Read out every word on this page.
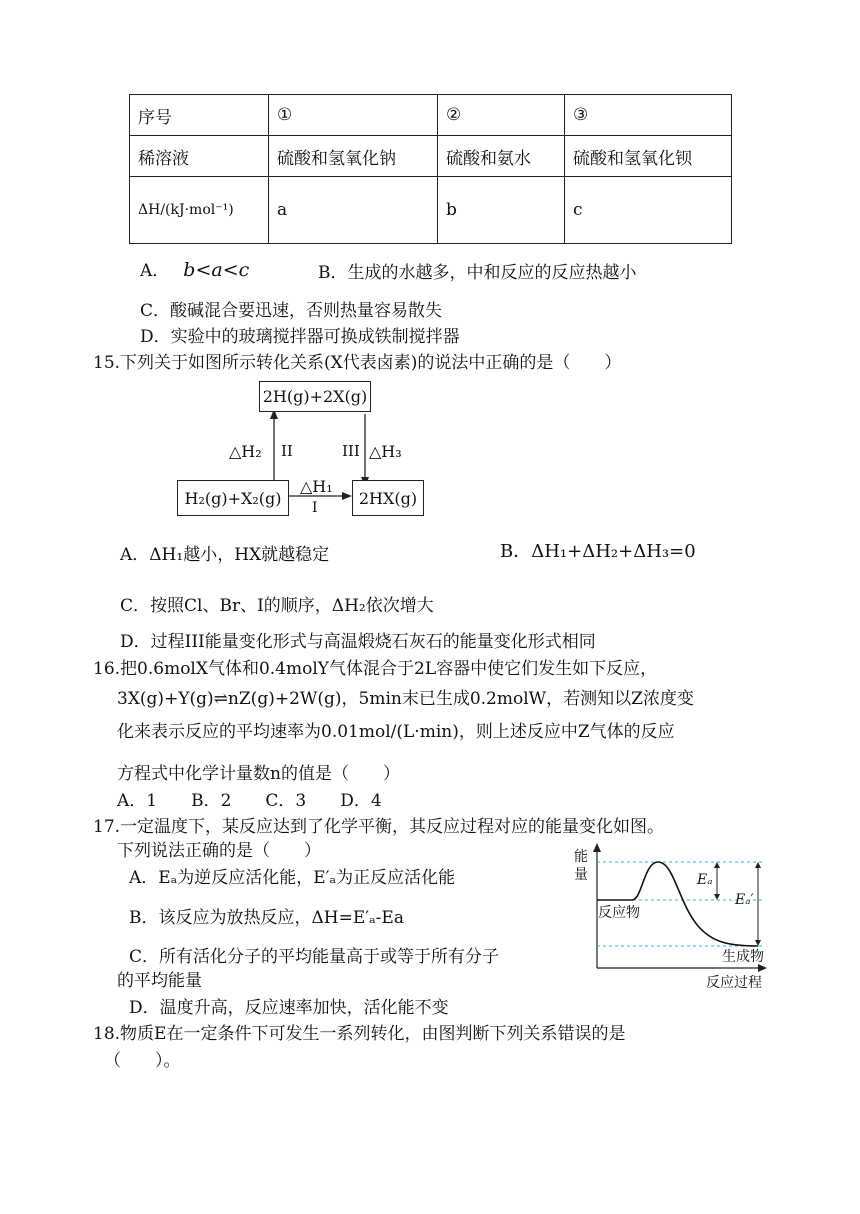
序号	①	②	③
稀溶液	硫酸和氢氧化钠	硫酸和氨水	硫酸和氢氧化钡
ΔH/(kJ·mol⁻¹)	a	b	c
A． b<a<c	B．生成的水越多，中和反应的反应热越小
C．酸碱混合要迅速，否则热量容易散失
D．实验中的玻璃搅拌器可换成铁制搅拌器
15.下列关于如图所示转化关系(X代表卤素)的说法中正确的是（　　）
2H(g)+2X(g)
H₂(g)+X₂(g)	2HX(g)
△H₂ II	III △H₃
△H₁
I
A．ΔH₁越小，HX就越稳定	B．ΔH₁+ΔH₂+ΔH₃=0
C．按照Cl、Br、I的顺序，ΔH₂依次增大
D．过程III能量变化形式与高温煅烧石灰石的能量变化形式相同
16.把0.6molX气体和0.4molY气体混合于2L容器中使它们发生如下反应，
3X(g)+Y(g)⇌nZ(g)+2W(g)，5min末已生成0.2molW，若测知以Z浓度变
化来表示反应的平均速率为0.01mol/(L·min)，则上述反应中Z气体的反应
方程式中化学计量数n的值是（　　）
A．1　　B．2　　C．3　　D．4
17.一定温度下，某反应达到了化学平衡，其反应过程对应的能量变化如图。
下列说法正确的是（　　）
A．Eₐ为逆反应活化能，E′ₐ为正反应活化能
B．该反应为放热反应，ΔH=E′ₐ-Ea
C．所有活化分子的平均能量高于或等于所有分子
的平均能量
D．温度升高，反应速率加快，活化能不变
能
量
反应物
生成物
Eₐ
Eₐ′
反应过程
18.物质E在一定条件下可发生一系列转化，由图判断下列关系错误的是
（　　）。
